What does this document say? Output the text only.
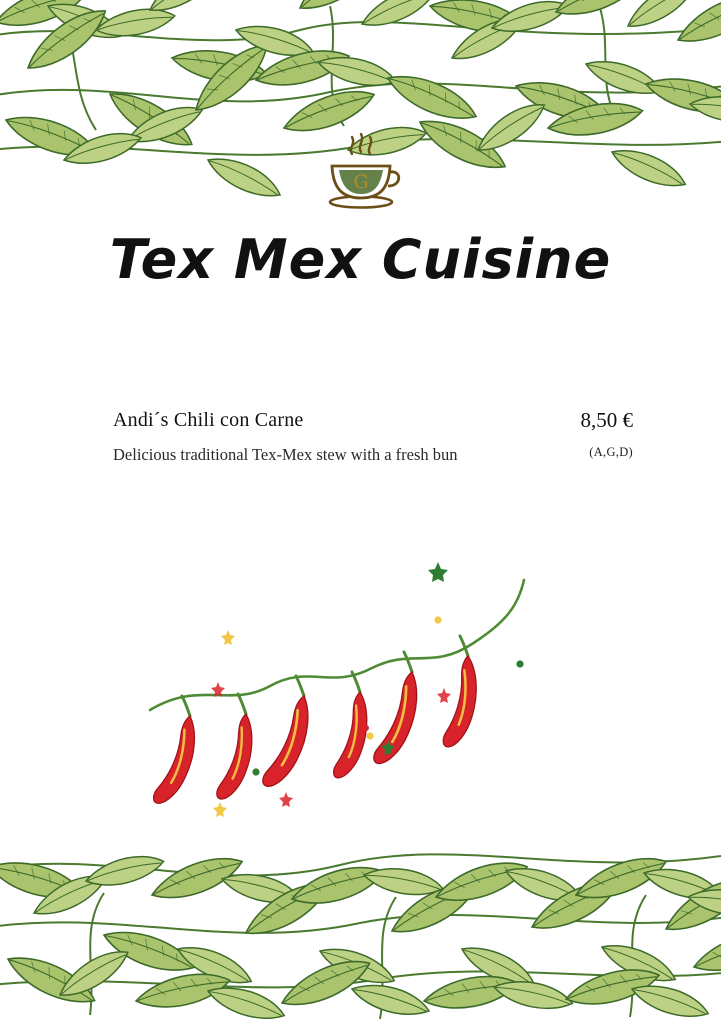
G
Tex Mex Cuisine
Andi´s Chili con Carne
Delicious traditional Tex-Mex stew with a fresh bun
8,50 €
(A,G,D)
